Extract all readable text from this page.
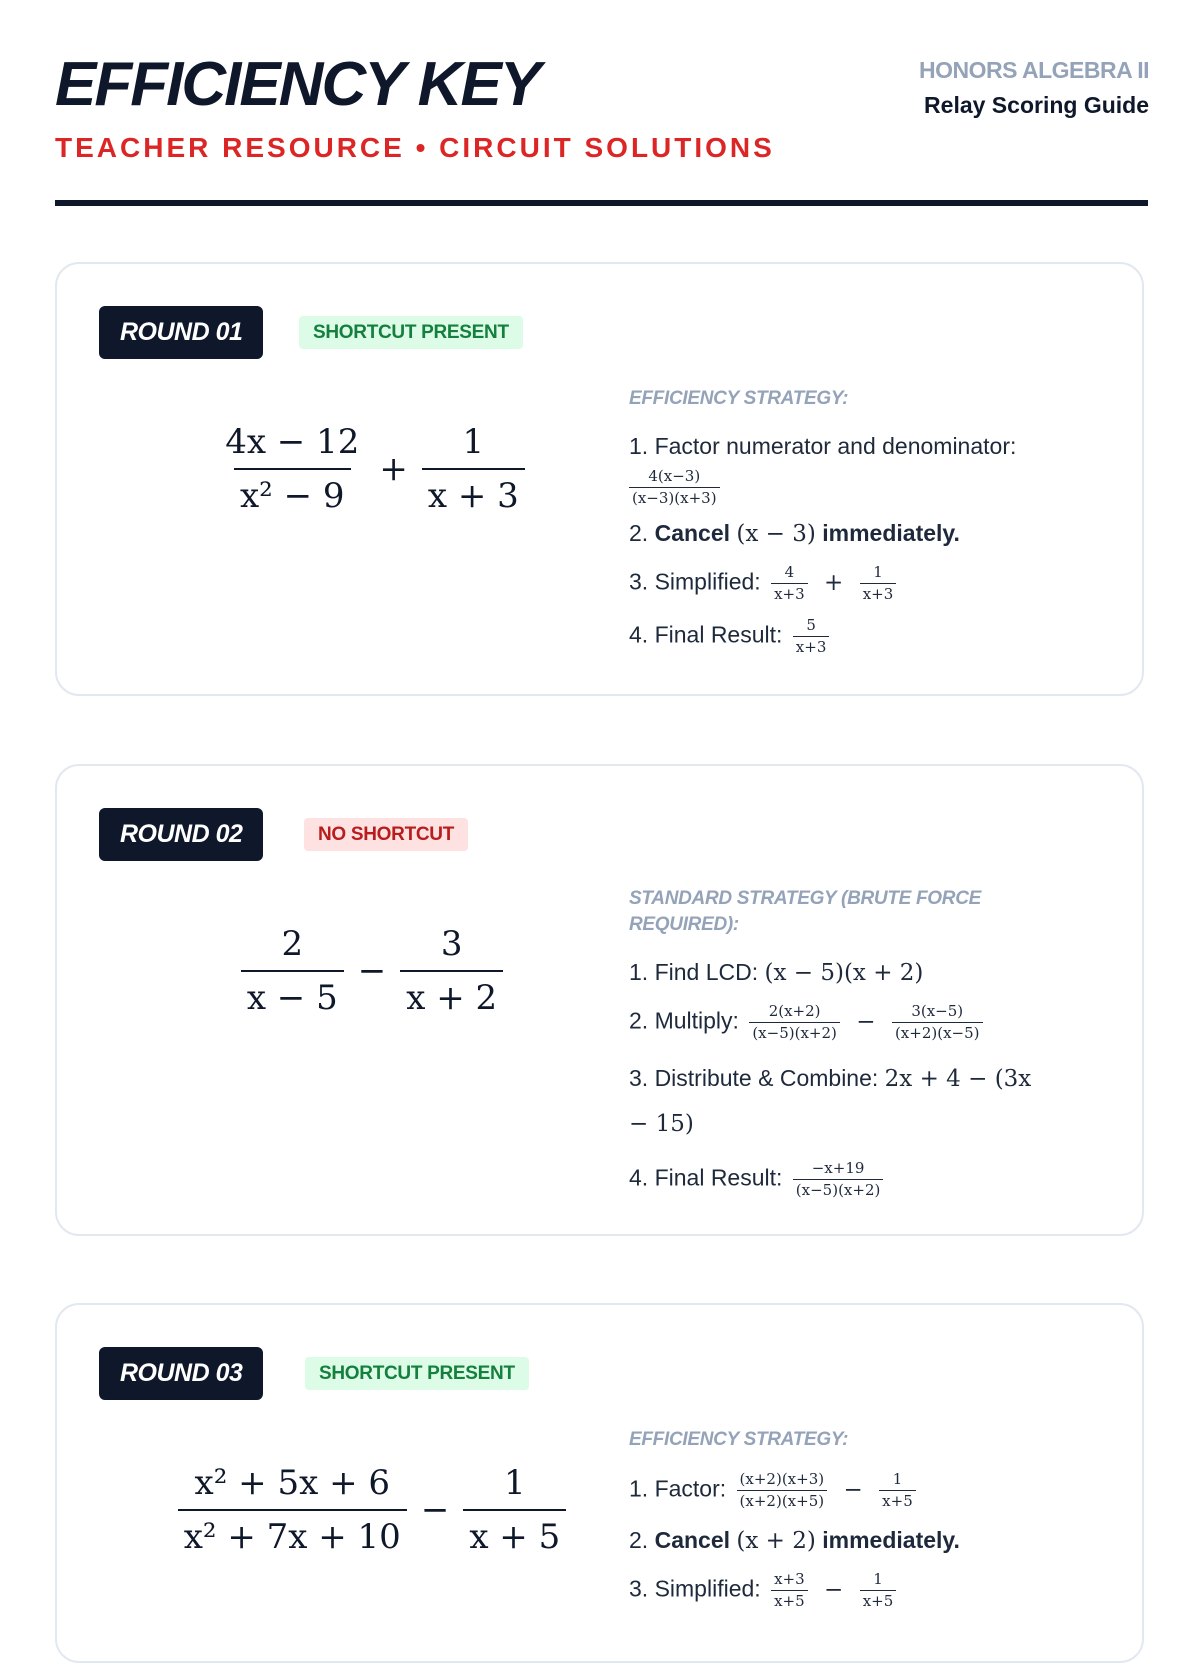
EFFICIENCY KEY
TEACHER RESOURCE • CIRCUIT SOLUTIONS
HONORS ALGEBRA II
Relay Scoring Guide
ROUND 01	SHORTCUT PRESENT
$\frac{4x - 12}{\text{x² − 9}} + \frac{1}{x + 3}$
EFFICIENCY STRATEGY:
1. Factor numerator and denominator:
$\frac{4(x-3)}{(x-3)(x+3)}$
2. Cancel (x − 3) immediately.
3. Simplified: $\frac{4}{x+3} + \frac{1}{x+3}$
4. Final Result: $\frac{5}{x+3}$
ROUND 02	NO SHORTCUT
$\frac{2}{x - 5} - \frac{3}{x + 2}$
STANDARD STRATEGY (BRUTE FORCE REQUIRED):
1. Find LCD: (x − 5)(x + 2)
2. Multiply: $\frac{2(x+2)}{(x-5)(x+2)} - \frac{3(x-5)}{(x+2)(x-5)}$
3. Distribute & Combine: 2x + 4 − (3x
− 15)
4. Final Result: $\frac{-x+19}{(x-5)(x+2)}$
ROUND 03	SHORTCUT PRESENT
$\frac{\text{x² + 5x + 6}}{\text{x² + 7x + 10}} - \frac{1}{x + 5}$
EFFICIENCY STRATEGY:
1. Factor: $\frac{(x+2)(x+3)}{(x+2)(x+5)} - \frac{1}{x+5}$
2. Cancel (x + 2) immediately.
3. Simplified: $\frac{x+3}{x+5} - \frac{1}{x+5}$
